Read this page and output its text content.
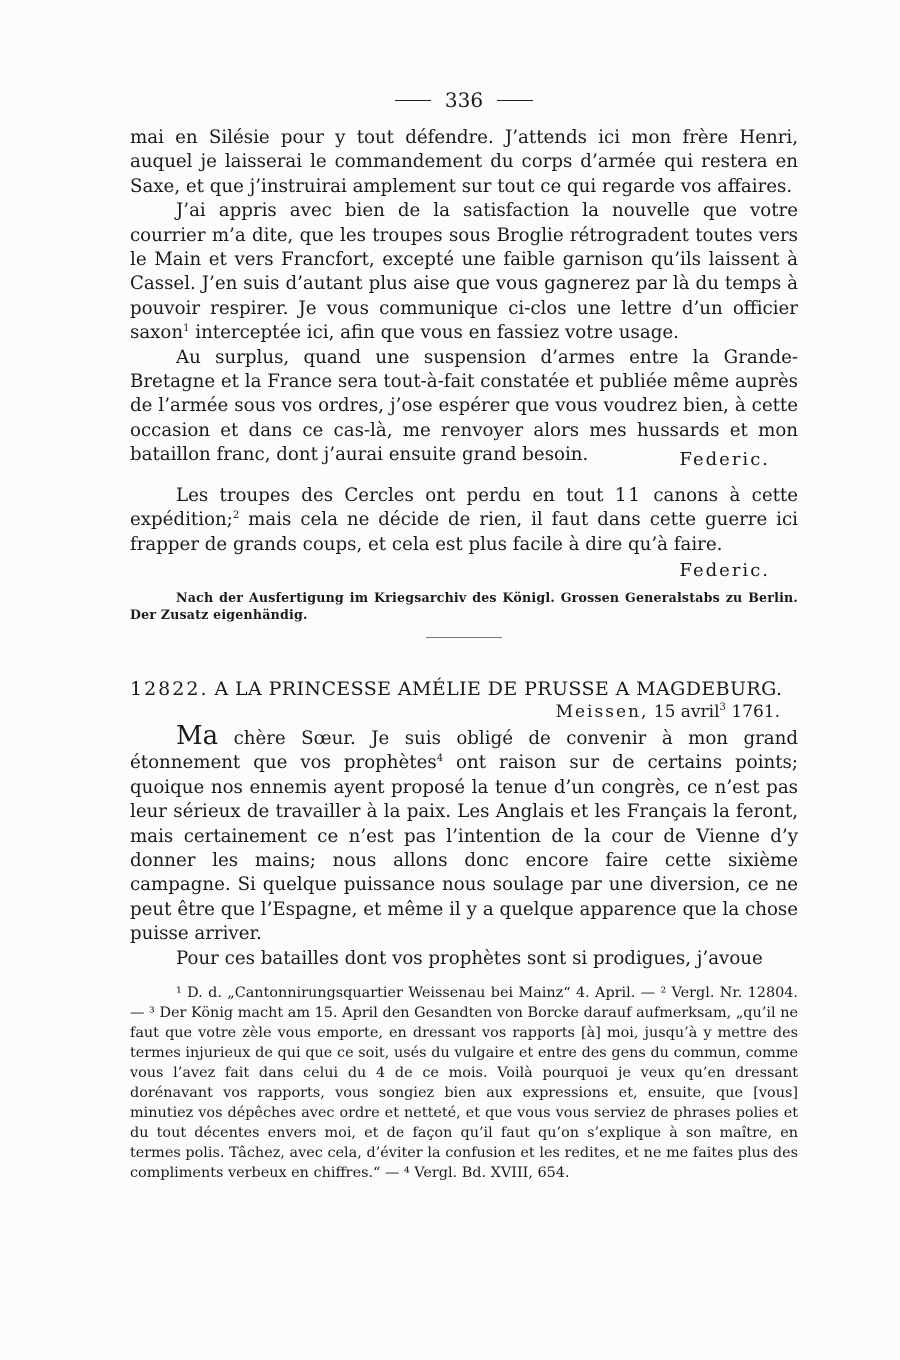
336

mai en Silésie pour y tout défendre. J’attends ici mon frère Henri, auquel je laisserai le commandement du corps d’armée qui restera en Saxe, et que j’instruirai amplement sur tout ce qui regarde vos affaires.

J’ai appris avec bien de la satisfaction la nouvelle que votre courrier m’a dite, que les troupes sous Broglie rétrogradent toutes vers le Main et vers Francfort, excepté une faible garnison qu’ils laissent à Cassel. J’en suis d’autant plus aise que vous gagnerez par là du temps à pouvoir respirer. Je vous communique ci-clos une lettre d’un officier saxon$^1$ interceptée ici, afin que vous en fassiez votre usage.

Au surplus, quand une suspension d’armes entre la Grande-Bretagne et la France sera tout-à-fait constatée et publiée même auprès de l’armée sous vos ordres, j’ose espérer que vous voudrez bien, à cette occasion et dans ce cas-là, me renvoyer alors mes hussards et mon bataillon franc, dont j’aurai ensuite grand besoin.	Federic.

Les troupes des Cercles ont perdu en tout 11 canons à cette expédition;$^2$ mais cela ne décide de rien, il faut dans cette guerre ici frapper de grands coups, et cela est plus facile à dire qu’à faire.

Federic.

Nach der Ausfertigung im Kriegsarchiv des Königl. Grossen Generalstabs zu Berlin. Der Zusatz eigenhändig.

12822. A LA PRINCESSE AMÉLIE DE PRUSSE A MAGDEBURG.
Meissen, 15 avril$^3$ 1761.

Ma chère Sœur. Je suis obligé de convenir à mon grand étonnement que vos prophètes$^4$ ont raison sur de certains points; quoique nos ennemis ayent proposé la tenue d’un congrès, ce n’est pas leur sérieux de travailler à la paix. Les Anglais et les Français la feront, mais certainement ce n’est pas l’intention de la cour de Vienne d’y donner les mains; nous allons donc encore faire cette sixième campagne. Si quelque puissance nous soulage par une diversion, ce ne peut être que l’Espagne, et même il y a quelque apparence que la chose puisse arriver.

Pour ces batailles dont vos prophètes sont si prodigues, j’avoue

¹ D. d. „Cantonnirungsquartier Weissenau bei Mainz“ 4. April. — ² Vergl. Nr. 12804. — ³ Der König macht am 15. April den Gesandten von Borcke darauf aufmerksam, „qu’il ne faut que votre zèle vous emporte, en dressant vos rapports [à] moi, jusqu’à y mettre des termes injurieux de qui que ce soit, usés du vulgaire et entre des gens du commun, comme vous l’avez fait dans celui du 4 de ce mois. Voilà pourquoi je veux qu’en dressant dorénavant vos rapports, vous songiez bien aux expressions et, ensuite, que [vous] minutiez vos dépêches avec ordre et netteté, et que vous vous serviez de phrases polies et du tout décentes envers moi, et de façon qu’il faut qu’on s’explique à son maître, en termes polis. Tâchez, avec cela, d’éviter la confusion et les redites, et ne me faites plus des compliments verbeux en chiffres.“ — ⁴ Vergl. Bd. XVIII, 654.
